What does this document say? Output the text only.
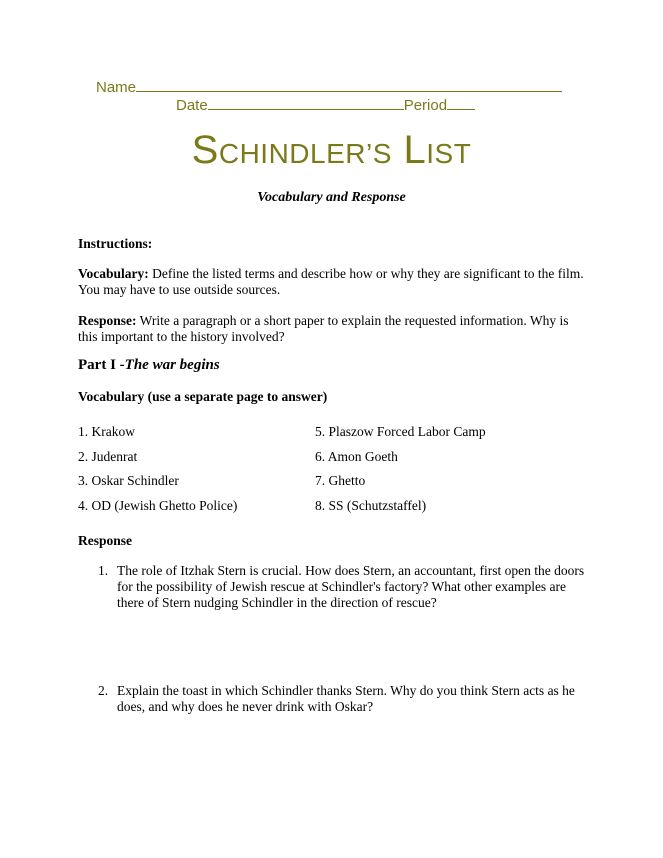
Name
Date	Period
SCHINDLER’S LIST
Vocabulary and Response
Instructions:
Vocabulary: Define the listed terms and describe how or why they are significant to the film. You may have to use outside sources.
Response: Write a paragraph or a short paper to explain the requested information. Why is this important to the history involved?
Part I -The war begins
Vocabulary (use a separate page to answer)
1. Krakow
2. Judenrat
3. Oskar Schindler
4. OD (Jewish Ghetto Police)
5. Plaszow Forced Labor Camp
6. Amon Goeth
7. Ghetto
8. SS (Schutzstaffel)
Response
1. The role of Itzhak Stern is crucial. How does Stern, an accountant, first open the doors for the possibility of Jewish rescue at Schindler's factory? What other examples are there of Stern nudging Schindler in the direction of rescue?
2. Explain the toast in which Schindler thanks Stern. Why do you think Stern acts as he does, and why does he never drink with Oskar?
